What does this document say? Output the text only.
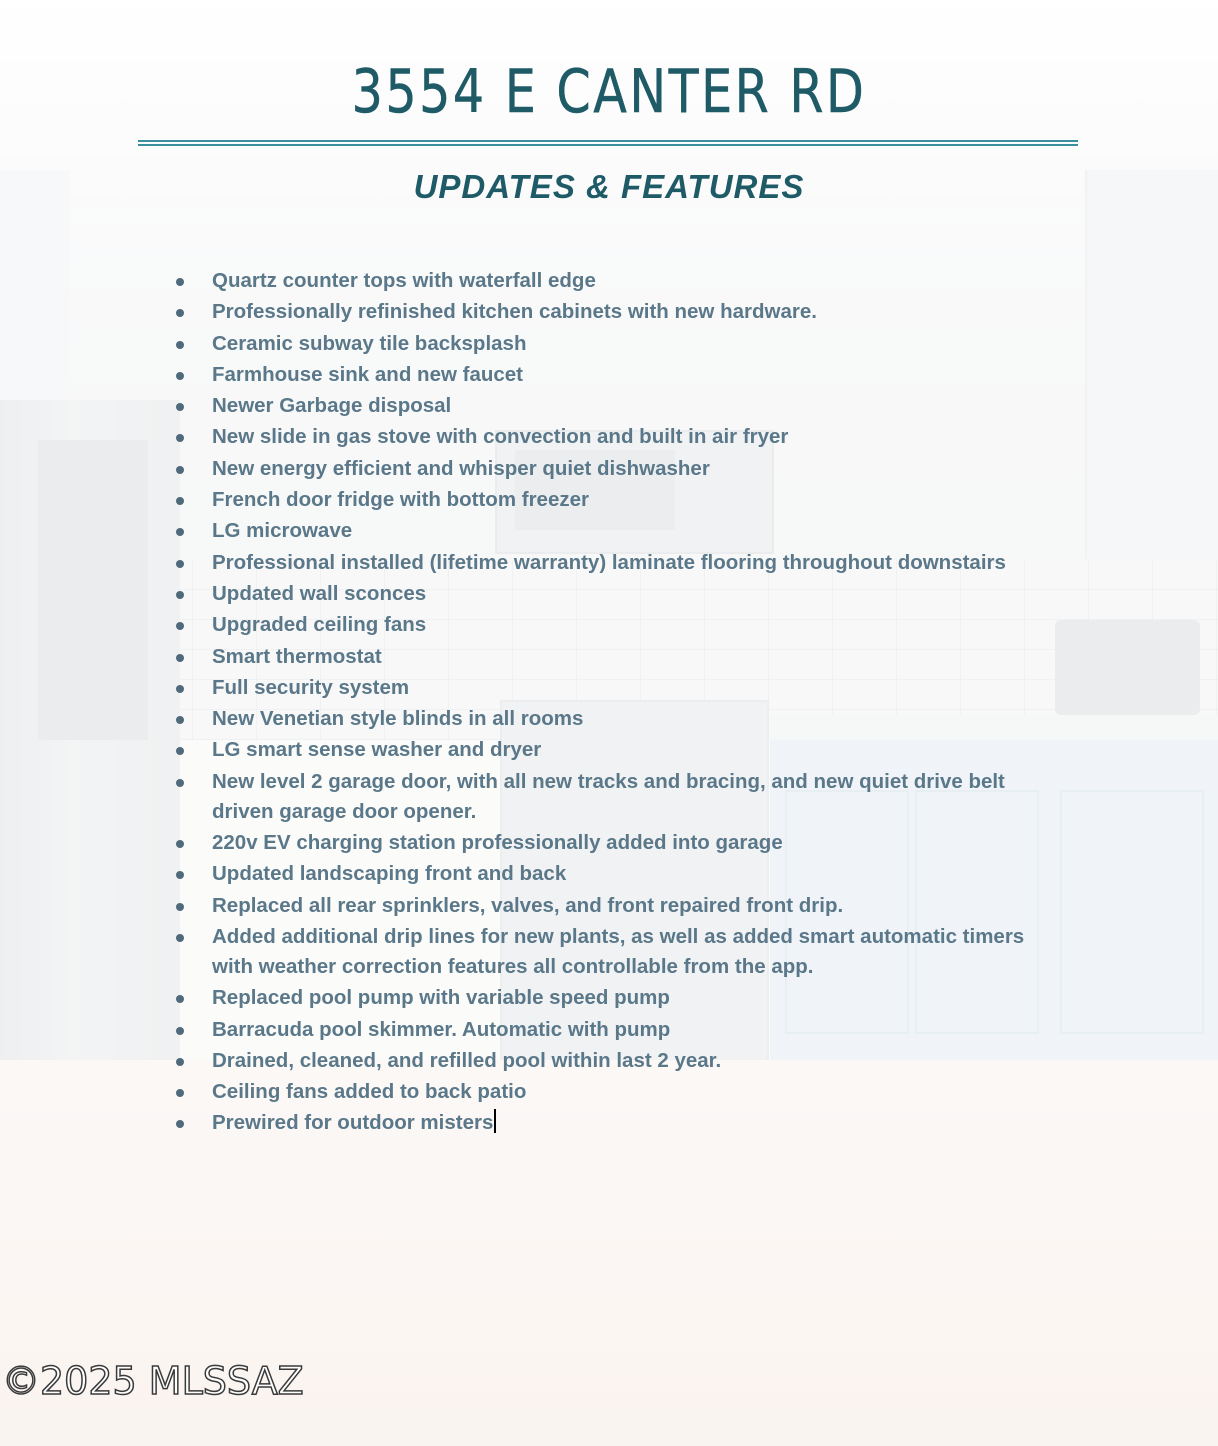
3554 E CANTER RD
UPDATES & FEATURES
Quartz counter tops with waterfall edge
Professionally refinished kitchen cabinets with new hardware.
Ceramic subway tile backsplash
Farmhouse sink and new faucet
Newer Garbage disposal
New slide in gas stove with convection and built in air fryer
New energy efficient and whisper quiet dishwasher
French door fridge with bottom freezer
LG microwave
Professional installed (lifetime warranty) laminate flooring throughout downstairs
Updated wall sconces
Upgraded ceiling fans
Smart thermostat
Full security system
New Venetian style blinds in all rooms
LG smart sense washer and dryer
New level 2 garage door, with all new tracks and bracing, and new quiet drive belt driven garage door opener.
220v EV charging station professionally added into garage
Updated landscaping front and back
Replaced all rear sprinklers, valves, and front repaired front drip.
Added additional drip lines for new plants, as well as added smart automatic timers with weather correction features all controllable from the app.
Replaced pool pump with variable speed pump
Barracuda pool skimmer. Automatic with pump
Drained, cleaned, and refilled pool within last 2 year.
Ceiling fans added to back patio
Prewired for outdoor misters
©2025 MLSSAZ
